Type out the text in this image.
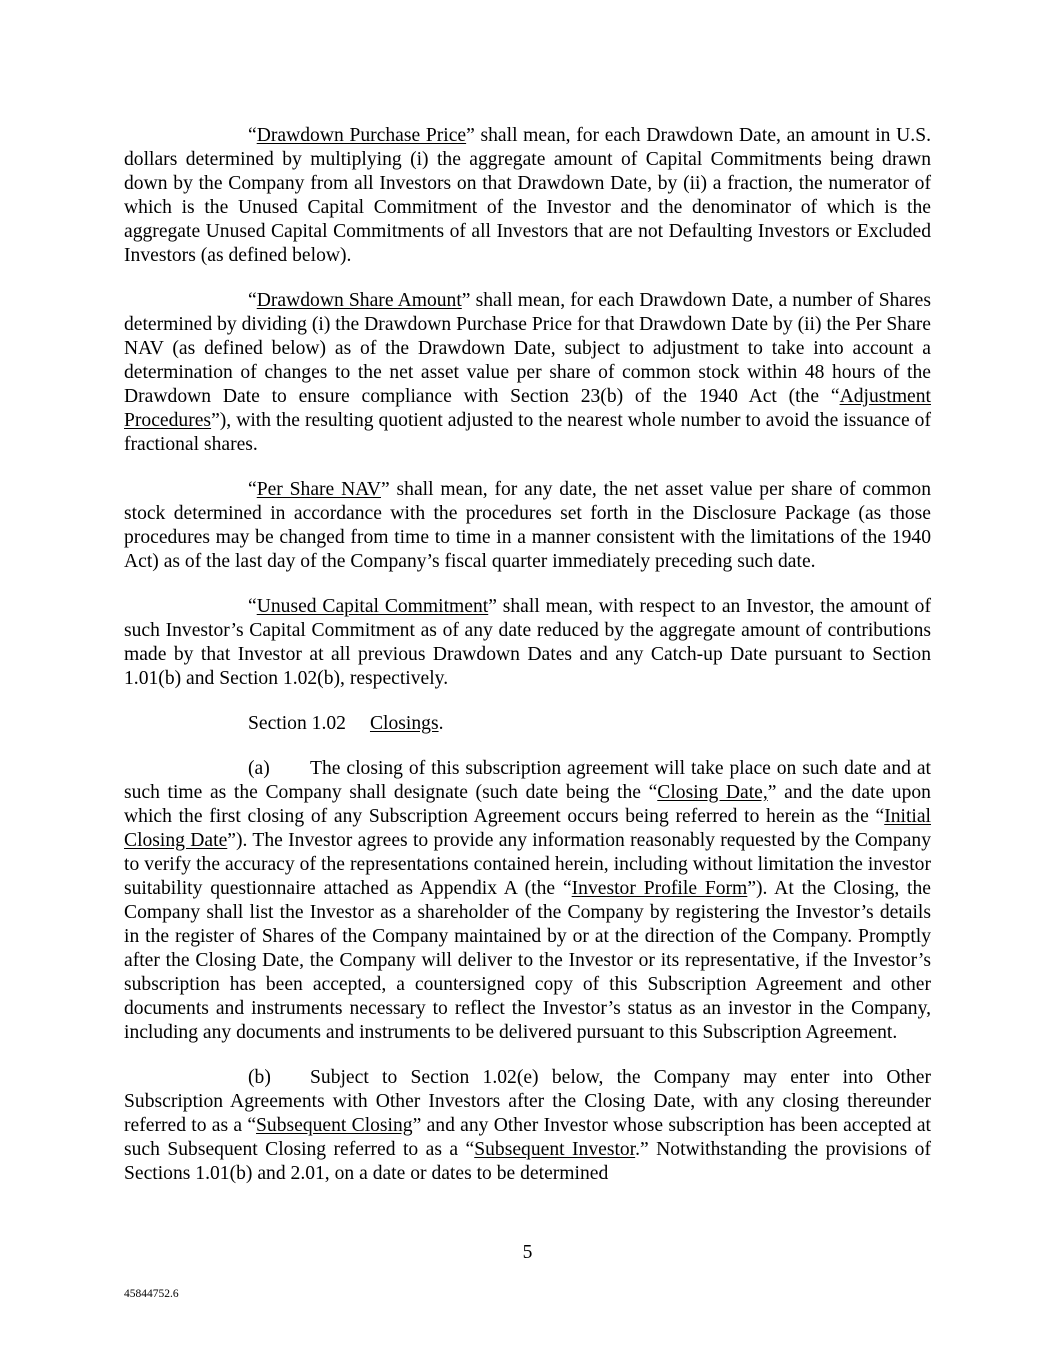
“Drawdown Purchase Price” shall mean, for each Drawdown Date, an amount in U.S. dollars determined by multiplying (i) the aggregate amount of Capital Commitments being drawn down by the Company from all Investors on that Drawdown Date, by (ii) a fraction, the numerator of which is the Unused Capital Commitment of the Investor and the denominator of which is the aggregate Unused Capital Commitments of all Investors that are not Defaulting Investors or Excluded Investors (as defined below).

“Drawdown Share Amount” shall mean, for each Drawdown Date, a number of Shares determined by dividing (i) the Drawdown Purchase Price for that Drawdown Date by (ii) the Per Share NAV (as defined below) as of the Drawdown Date, subject to adjustment to take into account a determination of changes to the net asset value per share of common stock within 48 hours of the Drawdown Date to ensure compliance with Section 23(b) of the 1940 Act (the “Adjustment Procedures”), with the resulting quotient adjusted to the nearest whole number to avoid the issuance of fractional shares.

“Per Share NAV” shall mean, for any date, the net asset value per share of common stock determined in accordance with the procedures set forth in the Disclosure Package (as those procedures may be changed from time to time in a manner consistent with the limitations of the 1940 Act) as of the last day of the Company’s fiscal quarter immediately preceding such date.

“Unused Capital Commitment” shall mean, with respect to an Investor, the amount of such Investor’s Capital Commitment as of any date reduced by the aggregate amount of contributions made by that Investor at all previous Drawdown Dates and any Catch-up Date pursuant to Section 1.01(b) and Section 1.02(b), respectively.

Section 1.02 Closings.

(a) The closing of this subscription agreement will take place on such date and at such time as the Company shall designate (such date being the “Closing Date,” and the date upon which the first closing of any Subscription Agreement occurs being referred to herein as the “Initial Closing Date”). The Investor agrees to provide any information reasonably requested by the Company to verify the accuracy of the representations contained herein, including without limitation the investor suitability questionnaire attached as Appendix A (the “Investor Profile Form”). At the Closing, the Company shall list the Investor as a shareholder of the Company by registering the Investor’s details in the register of Shares of the Company maintained by or at the direction of the Company. Promptly after the Closing Date, the Company will deliver to the Investor or its representative, if the Investor’s subscription has been accepted, a countersigned copy of this Subscription Agreement and other documents and instruments necessary to reflect the Investor’s status as an investor in the Company, including any documents and instruments to be delivered pursuant to this Subscription Agreement.

(b) Subject to Section 1.02(e) below, the Company may enter into Other Subscription Agreements with Other Investors after the Closing Date, with any closing thereunder referred to as a “Subsequent Closing” and any Other Investor whose subscription has been accepted at such Subsequent Closing referred to as a “Subsequent Investor.” Notwithstanding the provisions of Sections 1.01(b) and 2.01, on a date or dates to be determined

5
45844752.6
